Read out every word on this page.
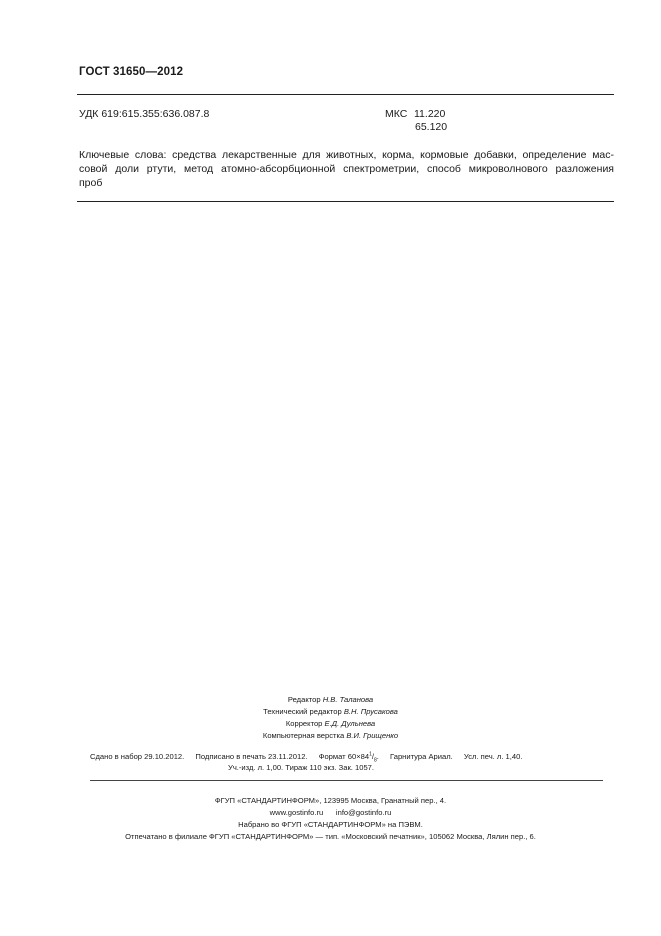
ГОСТ 31650—2012
УДК 619:615.355:636.087.8	МКС 11.220
65.120
Ключевые слова: средства лекарственные для животных, корма, кормовые добавки, определение мас-
совой доли ртути, метод атомно-абсорбционной спектрометрии, способ микроволнового разложения
проб
Редактор Н.В. Таланова
Технический редактор В.Н. Прусакова
Корректор Е.Д. Дульнева
Компьютерная верстка В.И. Грищенко
Сдано в набор 29.10.2012. Подписано в печать 23.11.2012. Формат $60\times 84^1/_8$. Гарнитура Ариал. Усл. печ. л. 1,40.
Уч.-изд. л. 1,00. Тираж 110 экз. Зак. 1057.
ФГУП «СТАНДАРТИНФОРМ», 123995 Москва, Гранатный пер., 4.
www.gostinfo.ru      info@gostinfo.ru
Набрано во ФГУП «СТАНДАРТИНФОРМ» на ПЭВМ.
Отпечатано в филиале ФГУП «СТАНДАРТИНФОРМ» — тип. «Московский печатник», 105062 Москва, Лялин пер., 6.
